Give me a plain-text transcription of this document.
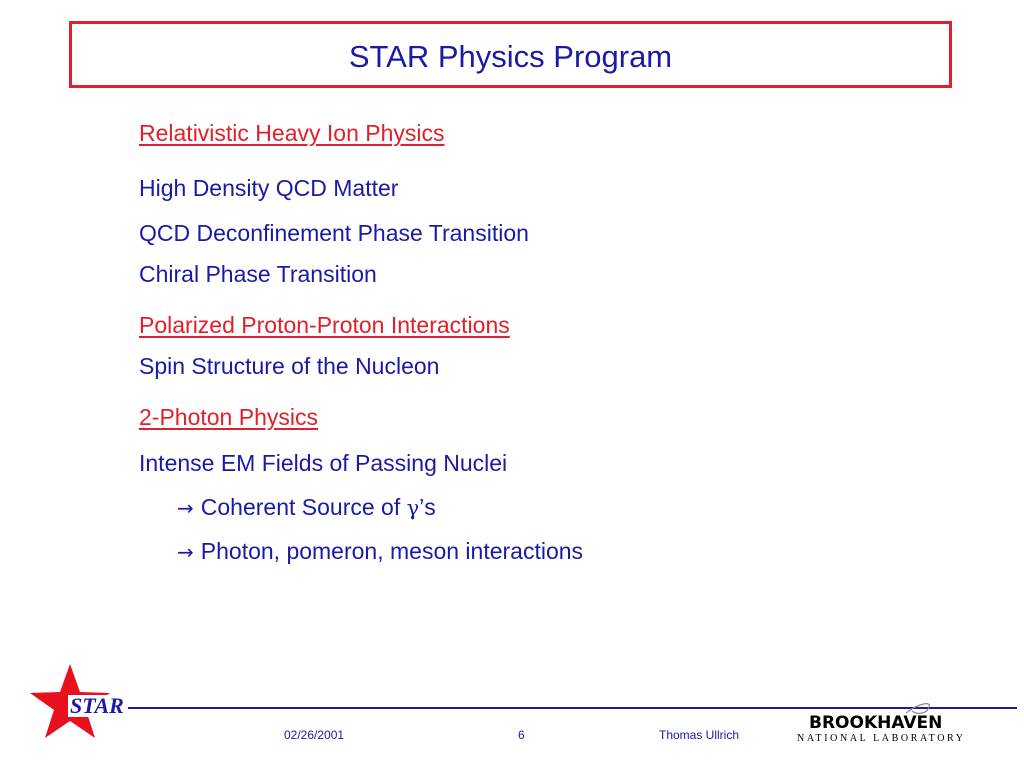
STAR Physics Program
Relativistic Heavy Ion Physics
High Density QCD Matter
QCD Deconfinement Phase Transition
Chiral Phase Transition
Polarized Proton-Proton Interactions
Spin Structure of the Nucleon
2-Photon Physics
Intense EM Fields of Passing Nuclei
→ Coherent Source of γ’s
→ Photon, pomeron, meson interactions
STAR
02/26/2001	6	Thomas Ullrich
BROOKHAVEN
NATIONAL LABORATORY
